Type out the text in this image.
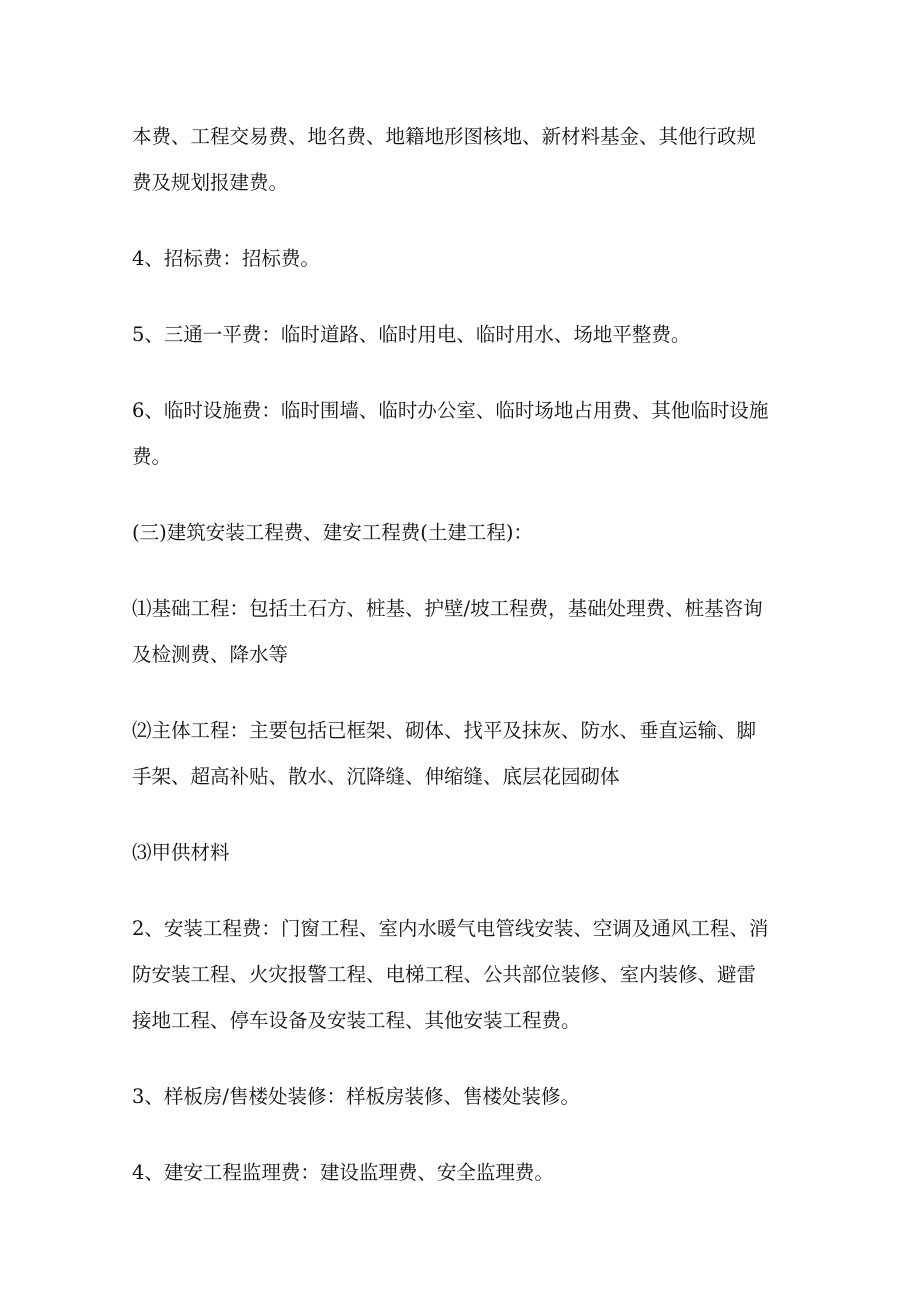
本费、工程交易费、地名费、地籍地形图核地、新材料基金、其他行政规
费及规划报建费。

4、招标费：招标费。

5、三通一平费：临时道路、临时用电、临时用水、场地平整费。

6、临时设施费：临时围墙、临时办公室、临时场地占用费、其他临时设施
费。

(三)建筑安装工程费、建安工程费(土建工程)：

⑴基础工程：包括土石方、桩基、护壁/坡工程费，基础处理费、桩基咨询
及检测费、降水等

⑵主体工程：主要包括已框架、砌体、找平及抹灰、防水、垂直运输、脚
手架、超高补贴、散水、沉降缝、伸缩缝、底层花园砌体

⑶甲供材料

2、安装工程费：门窗工程、室内水暖气电管线安装、空调及通风工程、消
防安装工程、火灾报警工程、电梯工程、公共部位装修、室内装修、避雷
接地工程、停车设备及安装工程、其他安装工程费。

3、样板房/售楼处装修：样板房装修、售楼处装修。

4、建安工程监理费：建设监理费、安全监理费。
